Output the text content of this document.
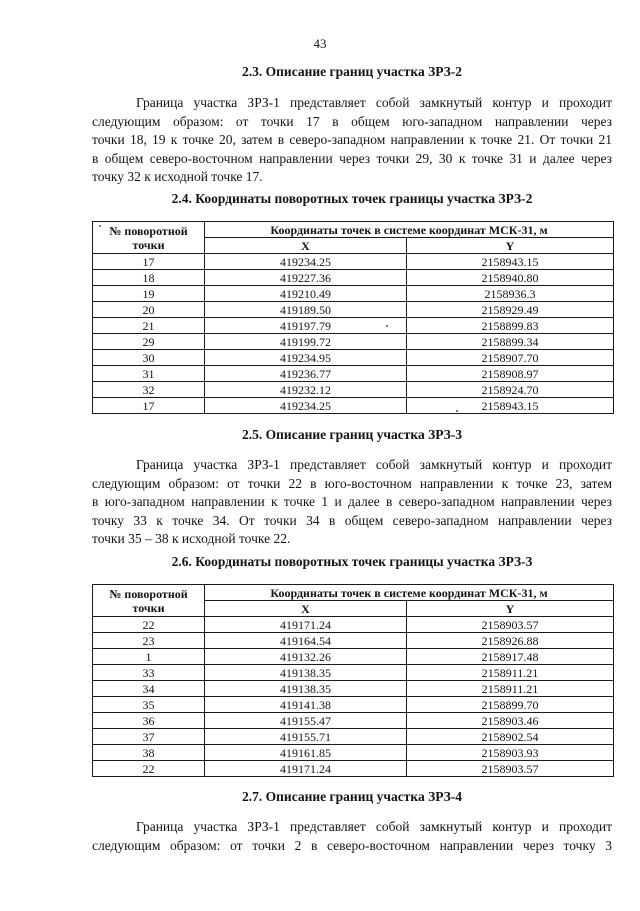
43
2.3. Описание границ участка ЗРЗ-2

Граница участка ЗРЗ-1 представляет собой замкнутый контур и проходит

следующим образом: от точки 17 в общем юго-западном направлении через

точки 18, 19 к точке 20, затем в северо-западном направлении к точке 21. От точки 21

в общем северо-восточном направлении через точки 29, 30 к точке 31 и далее через

точку 32 к исходной точке 17.

2.4. Координаты поворотных точек границы участка ЗРЗ-2
№ поворотной
точки	Координаты точек в системе координат МСК-31, м	
	X	Y
17	419234.25	2158943.15
18	419227.36	2158940.80
19	419210.49	2158936.3
20	419189.50	2158929.49
21	419197.79	2158899.83
29	419199.72	2158899.34
30	419234.95	2158907.70
31	419236.77	2158908.97
32	419232.12	2158924.70
17	419234.25	2158943.15
2.5. Описание границ участка ЗРЗ-3

Граница участка ЗРЗ-1 представляет собой замкнутый контур и проходит

следующим образом: от точки 22 в юго-восточном направлении к точке 23, затем

в юго-западном направлении к точке 1 и далее в северо-западном направлении через

точку 33 к точке 34. От точки 34 в общем северо-западном направлении через

точки 35 – 38 к исходной точке 22.

2.6. Координаты поворотных точек границы участка ЗРЗ-3
№ поворотной
точки	Координаты точек в системе координат МСК-31, м	
	X	Y
22	419171.24	2158903.57
23	419164.54	2158926.88
1	419132.26	2158917.48
33	419138.35	2158911.21
34	419138.35	2158911.21
35	419141.38	2158899.70
36	419155.47	2158903.46
37	419155.71	2158902.54
38	419161.85	2158903.93
22	419171.24	2158903.57
2.7. Описание границ участка ЗРЗ-4

Граница участка ЗРЗ-1 представляет собой замкнутый контур и проходит

следующим образом: от точки 2 в северо-восточном направлении через точку 3
